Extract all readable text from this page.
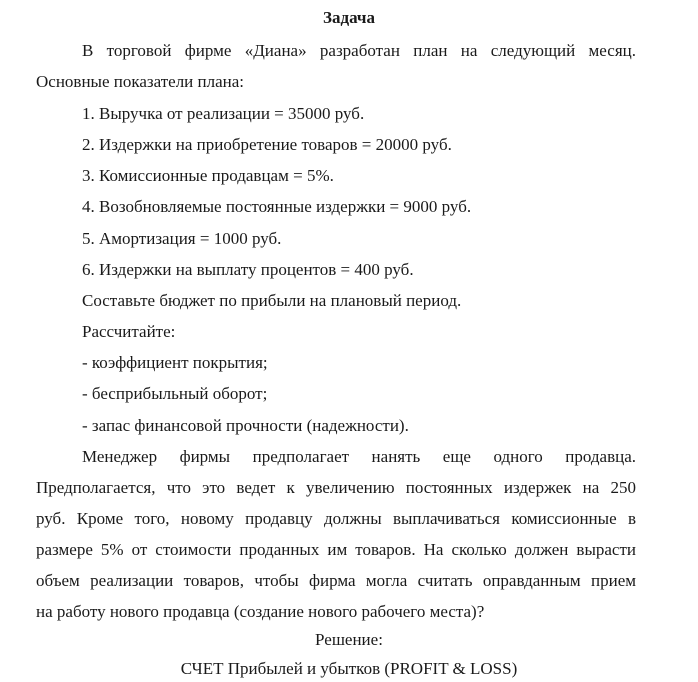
Задача
В торговой фирме «Диана» разработан план на следующий месяц.
Основные показатели плана:
1. Выручка от реализации = 35000 руб.
2. Издержки на приобретение товаров = 20000 руб.
3. Комиссионные продавцам = 5%.
4. Возобновляемые постоянные издержки = 9000 руб.
5. Амортизация = 1000 руб.
6. Издержки на выплату процентов = 400 руб.
Составьте бюджет по прибыли на плановый период.
Рассчитайте:
- коэффициент покрытия;
- бесприбыльный оборот;
- запас финансовой прочности (надежности).
Менеджер фирмы предполагает нанять еще одного продавца.
Предполагается, что это ведет к увеличению постоянных издержек на 250
руб. Кроме того, новому продавцу должны выплачиваться комиссионные в
размере 5% от стоимости проданных им товаров. На сколько должен вырасти
объем реализации товаров, чтобы фирма могла считать оправданным прием
на работу нового продавца (создание нового рабочего места)?
Решение:
СЧЕТ Прибылей и убытков (PROFIT & LOSS)
